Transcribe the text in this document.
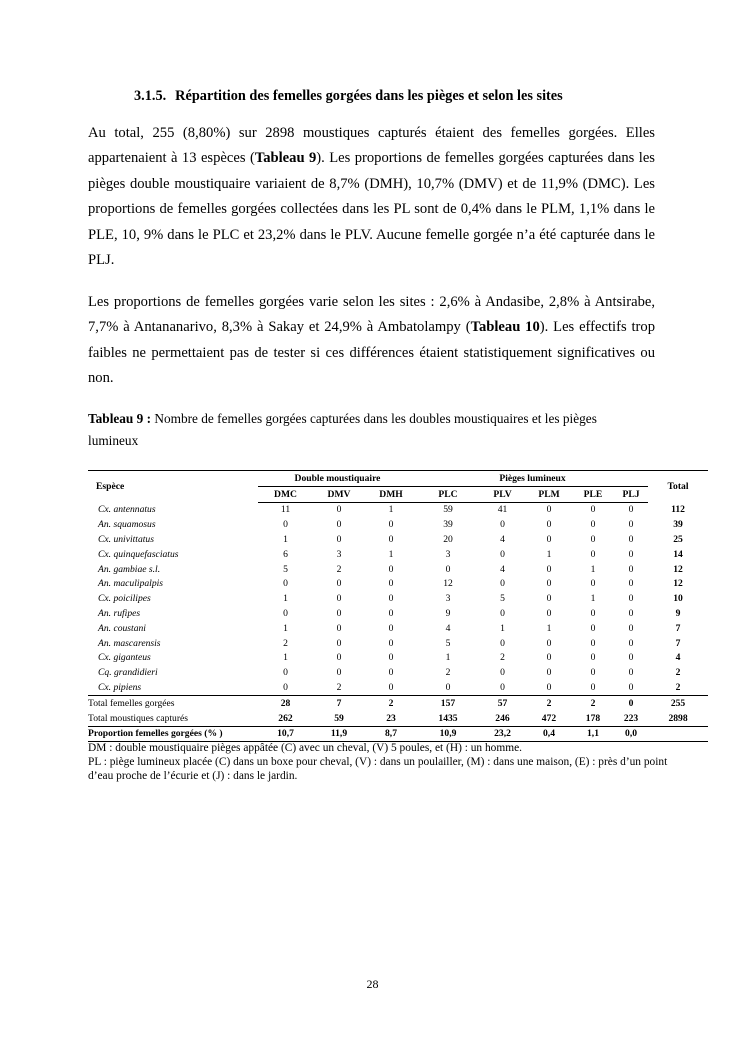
3.1.5. Répartition des femelles gorgées dans les pièges et selon les sites
Au total, 255 (8,80%) sur 2898 moustiques capturés étaient des femelles gorgées. Elles appartenaient à 13 espèces (Tableau 9). Les proportions de femelles gorgées capturées dans les pièges double moustiquaire variaient de 8,7% (DMH), 10,7% (DMV) et de 11,9% (DMC). Les proportions de femelles gorgées collectées dans les PL sont de 0,4% dans le PLM, 1,1% dans le PLE, 10, 9% dans le PLC et 23,2% dans le PLV. Aucune femelle gorgée n’a été capturée dans le PLJ.
Les proportions de femelles gorgées varie selon les sites : 2,6% à Andasibe, 2,8% à Antsirabe, 7,7% à Antananarivo, 8,3% à Sakay et 24,9% à Ambatolampy (Tableau 10). Les effectifs trop faibles ne permettaient pas de tester si ces différences étaient statistiquement significatives ou non.
Tableau 9 : Nombre de femelles gorgées capturées dans les doubles moustiquaires et les pièges lumineux
Espèce	Double moustiquaire			Pièges lumineux					Total
	DMC	DMV	DMH	PLC	PLV	PLM	PLE	PLJ	
Cx. antennatus	11	0	1	59	41	0	0	0	112
An. squamosus	0	0	0	39	0	0	0	0	39
Cx. univittatus	1	0	0	20	4	0	0	0	25
Cx. quinquefasciatus	6	3	1	3	0	1	0	0	14
An. gambiae s.l.	5	2	0	0	4	0	1	0	12
An. maculipalpis	0	0	0	12	0	0	0	0	12
Cx. poicilipes	1	0	0	3	5	0	1	0	10
An. rufipes	0	0	0	9	0	0	0	0	9
An. coustani	1	0	0	4	1	1	0	0	7
An. mascarensis	2	0	0	5	0	0	0	0	7
Cx. giganteus	1	0	0	1	2	0	0	0	4
Cq. grandidieri	0	0	0	2	0	0	0	0	2
Cx. pipiens	0	2	0	0	0	0	0	0	2
Total femelles gorgées	28	7	2	157	57	2	2	0	255
Total moustiques capturés	262	59	23	1435	246	472	178	223	2898
Proportion femelles gorgées (% )	10,7	11,9	8,7	10,9	23,2	0,4	1,1	0,0	
DM : double moustiquaire pièges appâtée (C) avec un cheval, (V) 5 poules, et (H) : un homme.
PL : piège lumineux placée (C) dans un boxe pour cheval, (V) : dans un poulailler, (M) : dans une maison, (E) : près d’un point d’eau proche de l’écurie et (J) : dans le jardin.
28
